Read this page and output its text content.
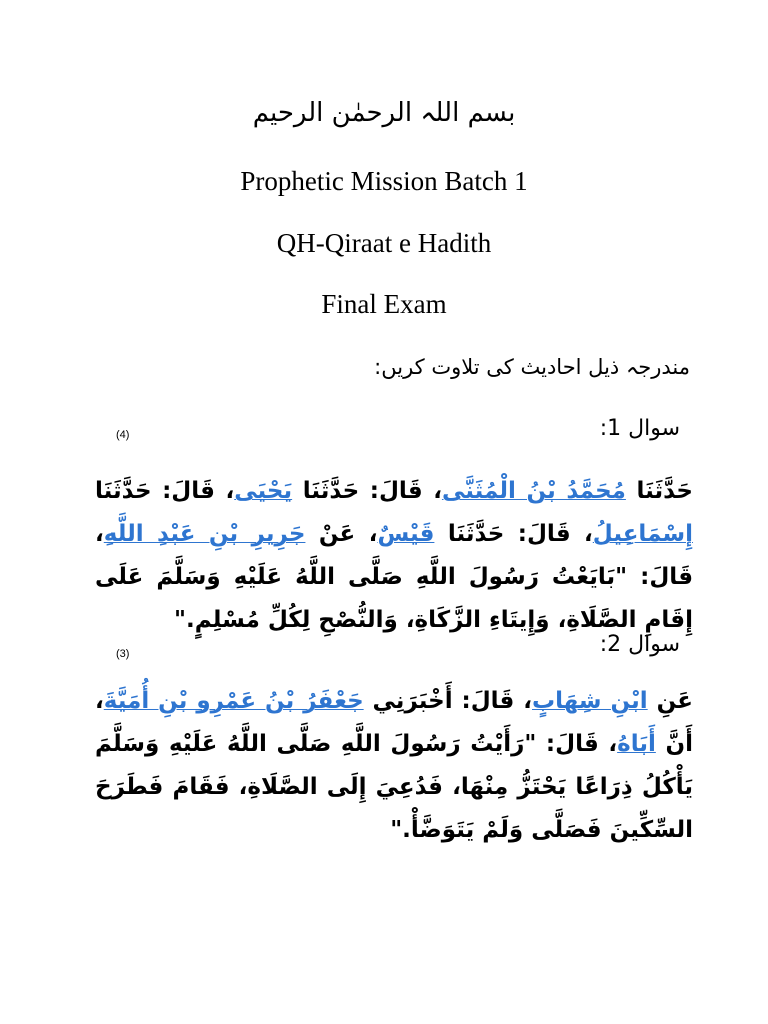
بسم اللہ الرحمٰن الرحیم
Prophetic Mission Batch 1
QH-Qiraat e Hadith
Final Exam
مندرجہ ذیل احادیث کی تلاوت کریں:
سوال 1:
(4)
حَدَّثَنَا مُحَمَّدُ بْنُ الْمُثَنَّى، قَالَ: حَدَّثَنَا يَحْيَى، قَالَ: حَدَّثَنَا إِسْمَاعِيلُ، قَالَ: حَدَّثَنَا قَيْسٌ، عَنْ جَرِيرِ بْنِ عَبْدِ اللَّهِ، قَالَ: "بَايَعْتُ رَسُولَ اللَّهِ صَلَّى اللَّهُ عَلَيْهِ وَسَلَّمَ عَلَى إِقَامِ الصَّلَاةِ، وَإِيتَاءِ الزَّكَاةِ، وَالنُّصْحِ لِكُلِّ مُسْلِمٍ."
سوال 2:
(3)
عَنِ ابْنِ شِهَابٍ، قَالَ: أَخْبَرَنِي جَعْفَرُ بْنُ عَمْرِو بْنِ أُمَيَّةَ، أَنَّ أَبَاهُ، قَالَ: "رَأَيْتُ رَسُولَ اللَّهِ صَلَّى اللَّهُ عَلَيْهِ وَسَلَّمَ يَأْكُلُ ذِرَاعًا يَحْتَزُّ مِنْهَا، فَدُعِيَ إِلَى الصَّلَاةِ، فَقَامَ فَطَرَحَ السِّكِّينَ فَصَلَّى وَلَمْ يَتَوَضَّأْ."
